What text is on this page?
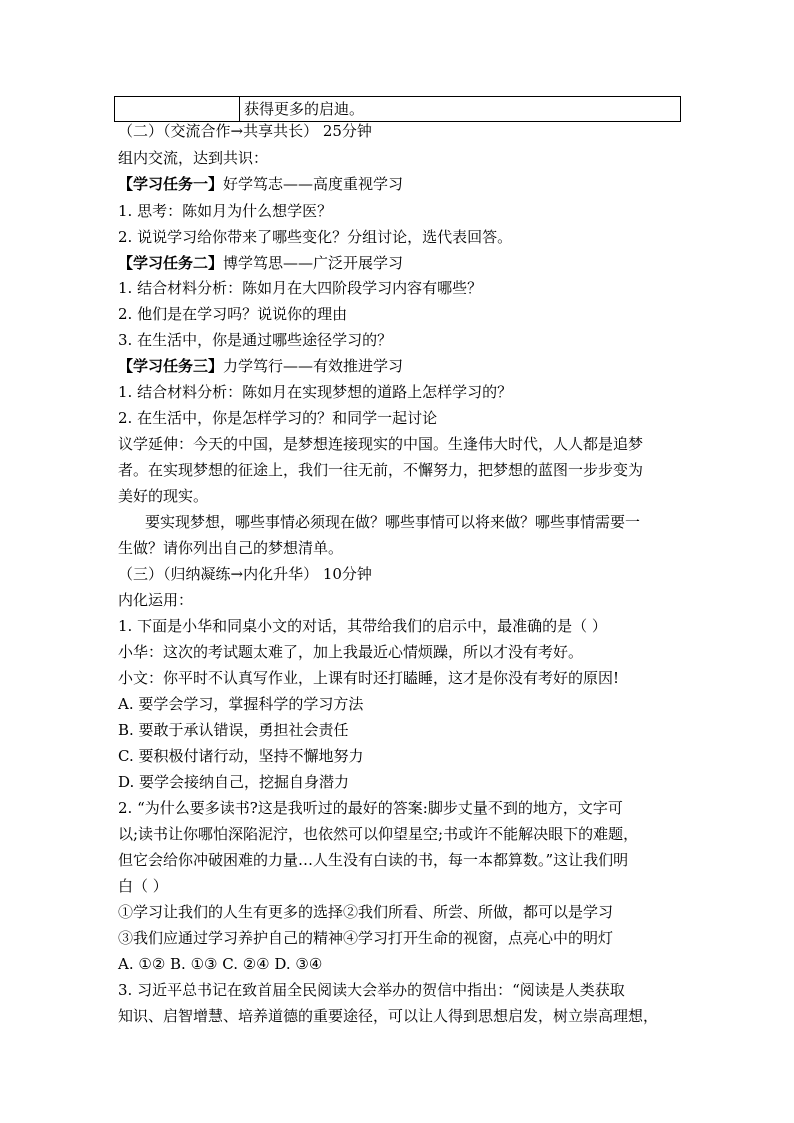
获得更多的启迪。
（二）（交流合作→共享共长） 25分钟
组内交流，达到共识：
【学习任务一】好学笃志——高度重视学习
1. 思考：陈如月为什么想学医？
2. 说说学习给你带来了哪些变化？分组讨论，选代表回答。
【学习任务二】博学笃思——广泛开展学习
1. 结合材料分析：陈如月在大四阶段学习内容有哪些？
2. 他们是在学习吗？说说你的理由
3. 在生活中，你是通过哪些途径学习的？
【学习任务三】力学笃行——有效推进学习
1. 结合材料分析：陈如月在实现梦想的道路上怎样学习的？
2. 在生活中，你是怎样学习的？和同学一起讨论
议学延伸：今天的中国，是梦想连接现实的中国。生逢伟大时代，人人都是追梦
者。在实现梦想的征途上，我们一往无前，不懈努力，把梦想的蓝图一步步变为
美好的现实。
要实现梦想，哪些事情必须现在做？哪些事情可以将来做？哪些事情需要一
生做？请你列出自己的梦想清单。
（三）（归纳凝练→内化升华） 10分钟
内化运用：
1. 下面是小华和同桌小文的对话，其带给我们的启示中，最准确的是（ ）
小华：这次的考试题太难了，加上我最近心情烦躁，所以才没有考好。
小文：你平时不认真写作业，上课有时还打瞌睡，这才是你没有考好的原因!
A. 要学会学习，掌握科学的学习方法
B. 要敢于承认错误，勇担社会责任
C. 要积极付诸行动，坚持不懈地努力
D. 要学会接纳自己，挖掘自身潜力
2. “为什么要多读书?这是我听过的最好的答案:脚步丈量不到的地方，文字可
以;读书让你哪怕深陷泥泞，也依然可以仰望星空;书或许不能解决眼下的难题，
但它会给你冲破困难的力量…人生没有白读的书，每一本都算数。”这让我们明
白（ ）
①学习让我们的人生有更多的选择②我们所看、所尝、所做，都可以是学习
③我们应通过学习养护自己的精神④学习打开生命的视窗，点亮心中的明灯
A. ①② B. ①③ C. ②④ D. ③④
3. 习近平总书记在致首届全民阅读大会举办的贺信中指出：“阅读是人类获取
知识、启智增慧、培养道德的重要途径，可以让人得到思想启发，树立崇高理想，
